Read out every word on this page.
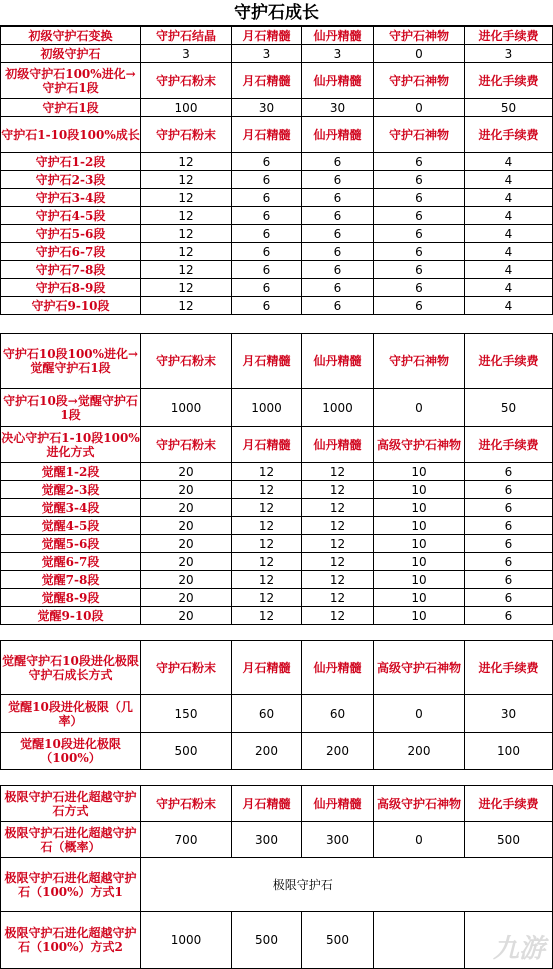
守护石成长
初级守护石变换	守护石结晶	月石精髓	仙丹精髓	守护石神物	进化手续费
初级守护石	3	3	3	0	3
初级守护石100%进化→守护石1段	守护石粉末	月石精髓	仙丹精髓	守护石神物	进化手续费
守护石1段	100	30	30	0	50
守护石1-10段100%成长	守护石粉末	月石精髓	仙丹精髓	守护石神物	进化手续费
守护石1-2段	12	6	6	6	4
守护石2-3段	12	6	6	6	4
守护石3-4段	12	6	6	6	4
守护石4-5段	12	6	6	6	4
守护石5-6段	12	6	6	6	4
守护石6-7段	12	6	6	6	4
守护石7-8段	12	6	6	6	4
守护石8-9段	12	6	6	6	4
守护石9-10段	12	6	6	6	4
守护石10段100%进化→觉醒守护石1段	守护石粉末	月石精髓	仙丹精髓	守护石神物	进化手续费
守护石10段→觉醒守护石1段	1000	1000	1000	0	50
决心守护石1-10段100%进化方式	守护石粉末	月石精髓	仙丹精髓	高级守护石神物	进化手续费
觉醒1-2段	20	12	12	10	6
觉醒2-3段	20	12	12	10	6
觉醒3-4段	20	12	12	10	6
觉醒4-5段	20	12	12	10	6
觉醒5-6段	20	12	12	10	6
觉醒6-7段	20	12	12	10	6
觉醒7-8段	20	12	12	10	6
觉醒8-9段	20	12	12	10	6
觉醒9-10段	20	12	12	10	6
觉醒守护石10段进化极限守护石成长方式	守护石粉末	月石精髓	仙丹精髓	高级守护石神物	进化手续费
觉醒10段进化极限（几率）	150	60	60	0	30
觉醒10段进化极限（100%）	500	200	200	200	100
极限守护石进化超越守护石方式	守护石粉末	月石精髓	仙丹精髓	高级守护石神物	进化手续费
极限守护石进化超越守护石（概率）	700	300	300	0	500
极限守护石进化超越守护石（100%）方式1	极限守护石				
极限守护石进化超越守护石（100%）方式2	1000	500	500			九游
